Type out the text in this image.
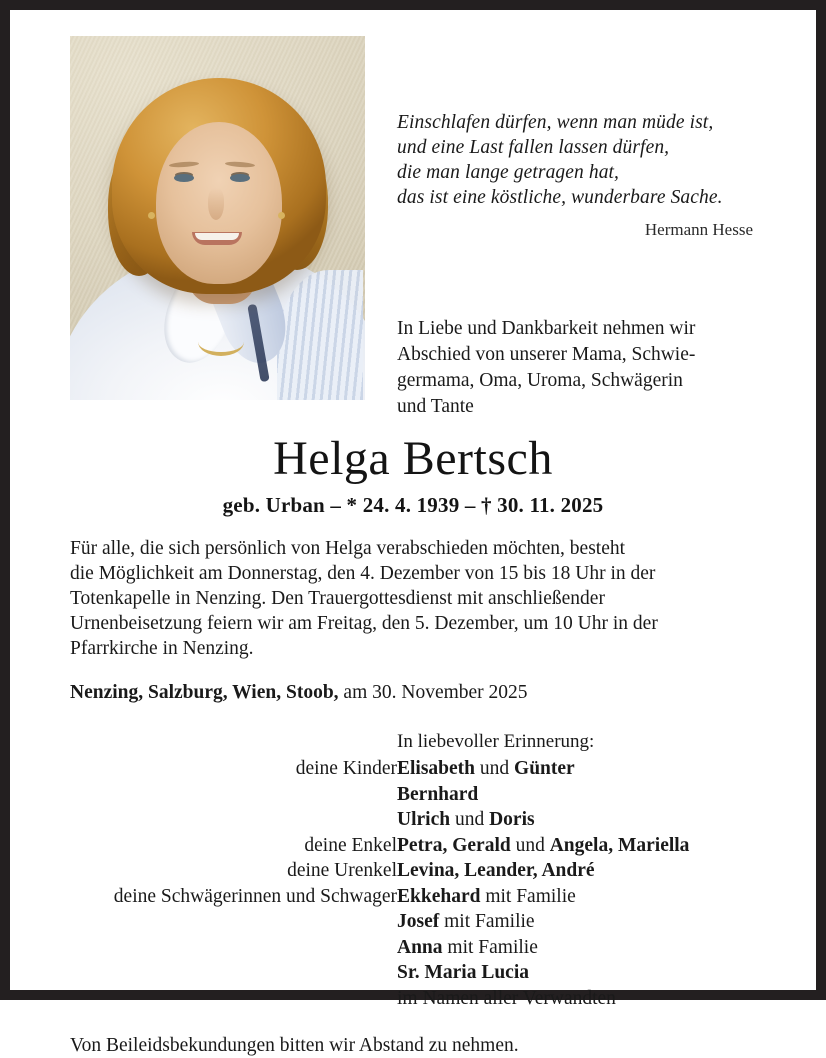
Einschlafen dürfen, wenn man müde ist,
und eine Last fallen lassen dürfen,
die man lange getragen hat,
das ist eine köstliche, wunderbare Sache.
Hermann Hesse
In Liebe und Dankbarkeit nehmen wir
Abschied von unserer Mama, Schwie-
germama, Oma, Uroma, Schwägerin
und Tante
Helga Bertsch
geb. Urban – * 24. 4. 1939 – † 30. 11. 2025
Für alle, die sich persönlich von Helga verabschieden möchten, besteht
die Möglichkeit am Donnerstag, den 4. Dezember von 15 bis 18 Uhr in der
Totenkapelle in Nenzing. Den Trauergottesdienst mit anschließender
Urnenbeisetzung feiern wir am Freitag, den 5. Dezember, um 10 Uhr in der
Pfarrkirche in Nenzing.
Nenzing, Salzburg, Wien, Stoob, am 30. November 2025
In liebevoller Erinnerung:
deine Kinder	Elisabeth und Günter
	Bernhard
	Ulrich und Doris
deine Enkel	Petra, Gerald und Angela, Mariella
deine Urenkel	Levina, Leander, André
deine Schwägerinnen und Schwager	Ekkehard mit Familie
	Josef mit Familie
	Anna mit Familie
	Sr. Maria Lucia
	im Namen aller Verwandten
Von Beileidsbekundungen bitten wir Abstand zu nehmen.
